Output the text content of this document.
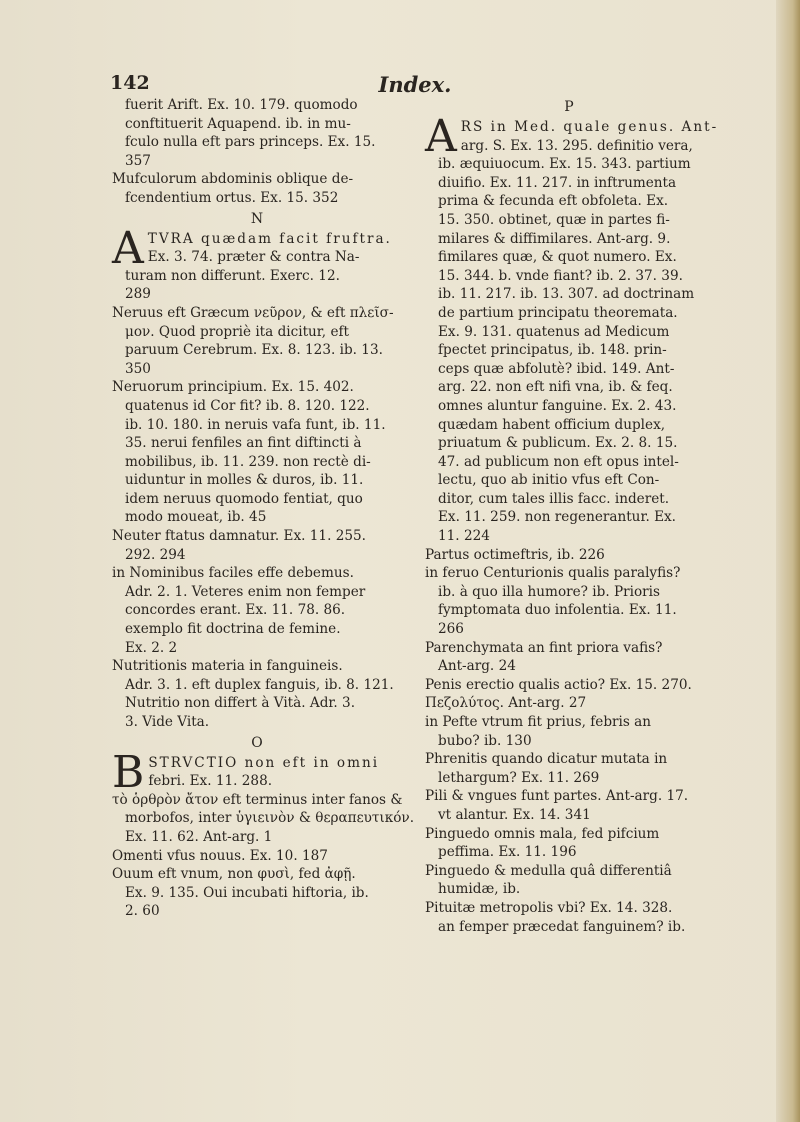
142	Index.
fuerit Arift. Ex. 10. 179. quomodo
conftituerit Aquapend. ib. in mu-
fculo nulla eft pars princeps. Ex. 15.
357
Mufculorum abdominis oblique de-
fcendentium ortus. Ex. 15. 352
N
A TVRA quædam facit fruftra.
Ex. 3. 74. præter & contra Na-
turam non differunt. Exerc. 12.
289
Neruus eft Græcum νεῦρον, & eft πλεῖσ-
μον. Quod propriè ita dicitur, eft
paruum Cerebrum. Ex. 8. 123. ib. 13.
350
Neruorum principium. Ex. 15. 402.
quatenus id Cor fit? ib. 8. 120. 122.
ib. 10. 180. in neruis vafa funt, ib. 11.
35. nerui fenfiles an fint diftincti à
mobilibus, ib. 11. 239. non rectè di-
uiduntur in molles & duros, ib. 11.
idem neruus quomodo fentiat, quo
modo moueat, ib. 45
Neuter ftatus damnatur. Ex. 11. 255.
292. 294
in Nominibus faciles effe debemus.
Adr. 2. 1. Veteres enim non femper
concordes erant. Ex. 11. 78. 86.
exemplo fit doctrina de femine.
Ex. 2. 2
Nutritionis materia in fanguineis.
Adr. 3. 1. eft duplex fanguis, ib. 8. 121.
Nutritio non differt à Vità. Adr. 3.
3. Vide Vita.
O
B STRVCTIO non eft in omni
febri. Ex. 11. 288.
τὸ ὁρθρὸν ἄτον eft terminus inter fanos &
morbofos, inter ὑγιεινὸν & θεραπευτικόν.
Ex. 11. 62. Ant-arg. 1
Omenti vfus nouus. Ex. 10. 187
Ouum eft vnum, non φυσὶ, fed ἀφῇ.
Ex. 9. 135. Oui incubati hiftoria, ib.
2. 60
P
A RS in Med. quale genus. Ant-
arg. S. Ex. 13. 295. definitio vera,
ib. æquiuocum. Ex. 15. 343. partium
diuifio. Ex. 11. 217. in inftrumenta
prima & fecunda eft obfoleta. Ex.
15. 350. obtinet, quæ in partes fi-
milares & diffimilares. Ant-arg. 9.
fimilares quæ, & quot numero. Ex.
15. 344. b. vnde fiant? ib. 2. 37. 39.
ib. 11. 217. ib. 13. 307. ad doctrinam
de partium principatu theoremata.
Ex. 9. 131. quatenus ad Medicum
fpectet principatus, ib. 148. prin-
ceps quæ abfolutè? ibid. 149. Ant-
arg. 22. non eft nifi vna, ib. & feq.
omnes aluntur fanguine. Ex. 2. 43.
quædam habent officium duplex,
priuatum & publicum. Ex. 2. 8. 15.
47. ad publicum non eft opus intel-
lectu, quo ab initio vfus eft Con-
ditor, cum tales illis facc. inderet.
Ex. 11. 259. non regenerantur. Ex.
11. 224
Partus octimeftris, ib. 226
in feruo Centurionis qualis paralyfis?
ib. à quo illa humore? ib. Prioris
fymptomata duo infolentia. Ex. 11.
266
Parenchymata an fint priora vafis?
Ant-arg. 24
Penis erectio qualis actio? Ex. 15. 270.
Πεζολύτος. Ant-arg. 27
in Pefte vtrum fit prius, febris an
bubo? ib. 130
Phrenitis quando dicatur mutata in
lethargum? Ex. 11. 269
Pili & vngues funt partes. Ant-arg. 17.
vt alantur. Ex. 14. 341
Pinguedo omnis mala, fed pifcium
peffima. Ex. 11. 196
Pinguedo & medulla quâ differentiâ
humidæ, ib.
Pituitæ metropolis vbi? Ex. 14. 328.
an femper præcedat fanguinem? ib.
